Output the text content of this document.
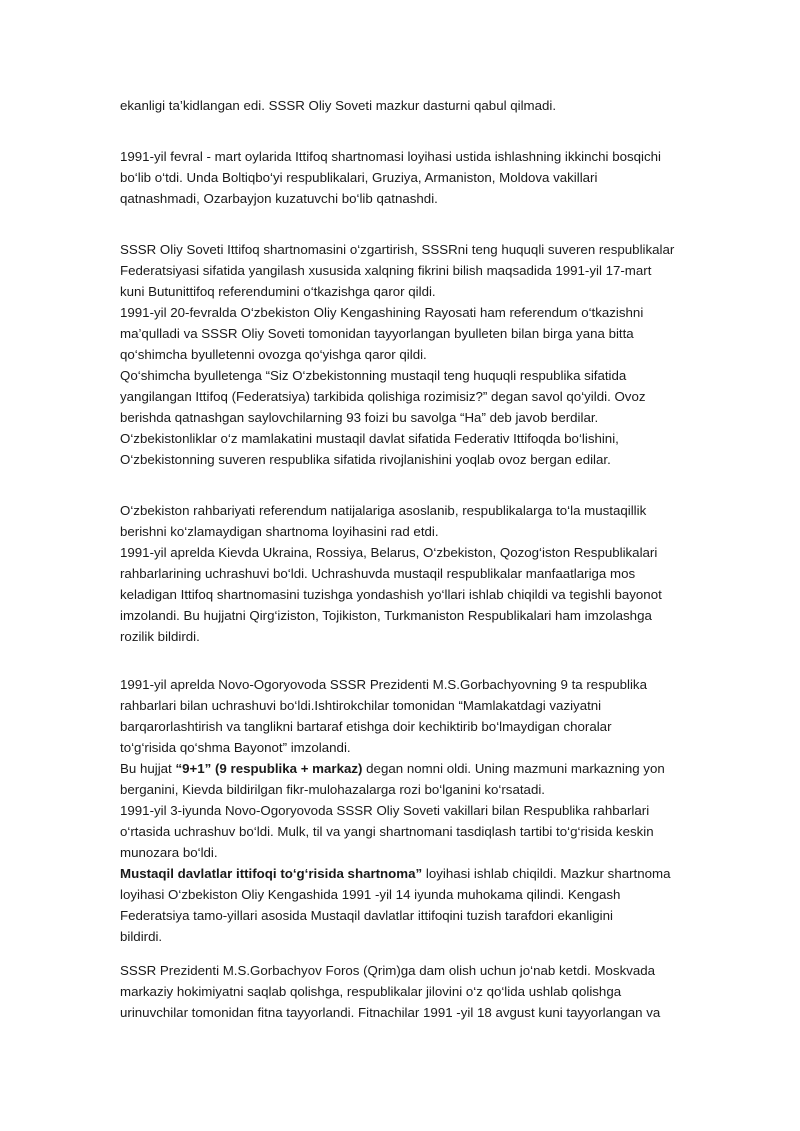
ekanligi ta’kidlangan edi. SSSR Oliy Soveti mazkur dasturni qabul qilmadi.

1991-yil fevral - mart oylarida Ittifoq shartnomasi loyihasi ustida ishlashning ikkinchi bosqichi

bo‘lib o‘tdi. Unda Boltiqbo‘yi respublikalari, Gruziya, Armaniston, Moldova vakillari

qatnashmadi, Ozarbayjon kuzatuvchi bo‘lib qatnashdi.

SSSR Oliy Soveti Ittifoq shartnomasini o‘zgartirish, SSSRni teng huquqli suveren respublikalar

Federatsiyasi sifatida yangilash xususida xalqning fikrini bilish maqsadida 1991-yil 17-mart

kuni Butunittifoq referendumini o‘tkazishga qaror qildi.

1991-yil 20-fevralda O‘zbekiston Oliy Kengashining Rayosati ham referendum o‘tkazishni

ma’qulladi va SSSR Oliy Soveti tomonidan tayyorlangan byulleten bilan birga yana bitta

qo‘shimcha byulletenni ovozga qo‘yishga qaror qildi.

Qo‘shimcha byulletenga “Siz O‘zbekistonning mustaqil teng huquqli respublika sifatida

yangilangan Ittifoq (Federatsiya) tarkibida qolishiga rozimisiz?” degan savol qo‘yildi. Ovoz

berishda qatnashgan saylovchilarning 93 foizi bu savolga “Ha” deb javob berdilar.

O‘zbekistonliklar o‘z mamlakatini mustaqil davlat sifatida Federativ Ittifoqda bo‘lishini,

O‘zbekistonning suveren respublika sifatida rivojlanishini yoqlab ovoz bergan edilar.

O‘zbekiston rahbariyati referendum natijalariga asoslanib, respublikalarga to‘la mustaqillik

berishni ko‘zlamaydigan shartnoma loyihasini rad etdi.

1991-yil aprelda Kievda Ukraina, Rossiya, Belarus, O‘zbekiston, Qozog‘iston Respublikalari

rahbarlarining uchrashuvi bo‘ldi. Uchrashuvda mustaqil respublikalar manfaatlariga mos

keladigan Ittifoq shartnomasini tuzishga yondashish yo‘llari ishlab chiqildi va tegishli bayonot

imzolandi. Bu hujjatni Qirg‘iziston, Tojikiston, Turkmaniston Respublikalari ham imzolashga

rozilik bildirdi.

1991-yil aprelda Novo-Ogoryovoda SSSR Prezidenti M.S.Gorbachyovning 9 ta respublika

rahbarlari bilan uchrashuvi bo‘ldi.Ishtirokchilar tomonidan “Mamlakatdagi vaziyatni

barqarorlashtirish va tanglikni bartaraf etishga doir kechiktirib bo‘lmaydigan choralar

to‘g‘risida qo‘shma Bayonot” imzolandi.

Bu hujjat “9+1” (9 respublika + markaz) degan nomni oldi. Uning mazmuni markazning yon

berganini, Kievda bildirilgan fikr-mulohazalarga rozi bo‘lganini ko‘rsatadi.

1991-yil 3-iyunda Novo-Ogoryovoda SSSR Oliy Soveti vakillari bilan Respublika rahbarlari

o‘rtasida uchrashuv bo‘ldi. Mulk, til va yangi shartnomani tasdiqlash tartibi to‘g‘risida keskin

munozara bo‘ldi.

Mustaqil davlatlar ittifoqi to‘g‘risida shartnoma” loyihasi ishlab chiqildi. Mazkur shartnoma

loyihasi O‘zbekiston Oliy Kengashida 1991 -yil 14 iyunda muhokama qilindi. Kengash

Federatsiya tamo-yillari asosida Mustaqil davlatlar ittifoqini tuzish tarafdori ekanligini

bildirdi.

SSSR Prezidenti M.S.Gorbachyov Foros (Qrim)ga dam olish uchun jo‘nab ketdi. Moskvada

markaziy hokimiyatni saqlab qolishga, respublikalar jilovini o‘z qo‘lida ushlab qolishga

urinuvchilar tomonidan fitna tayyorlandi. Fitnachilar 1991 -yil 18 avgust kuni tayyorlangan va
